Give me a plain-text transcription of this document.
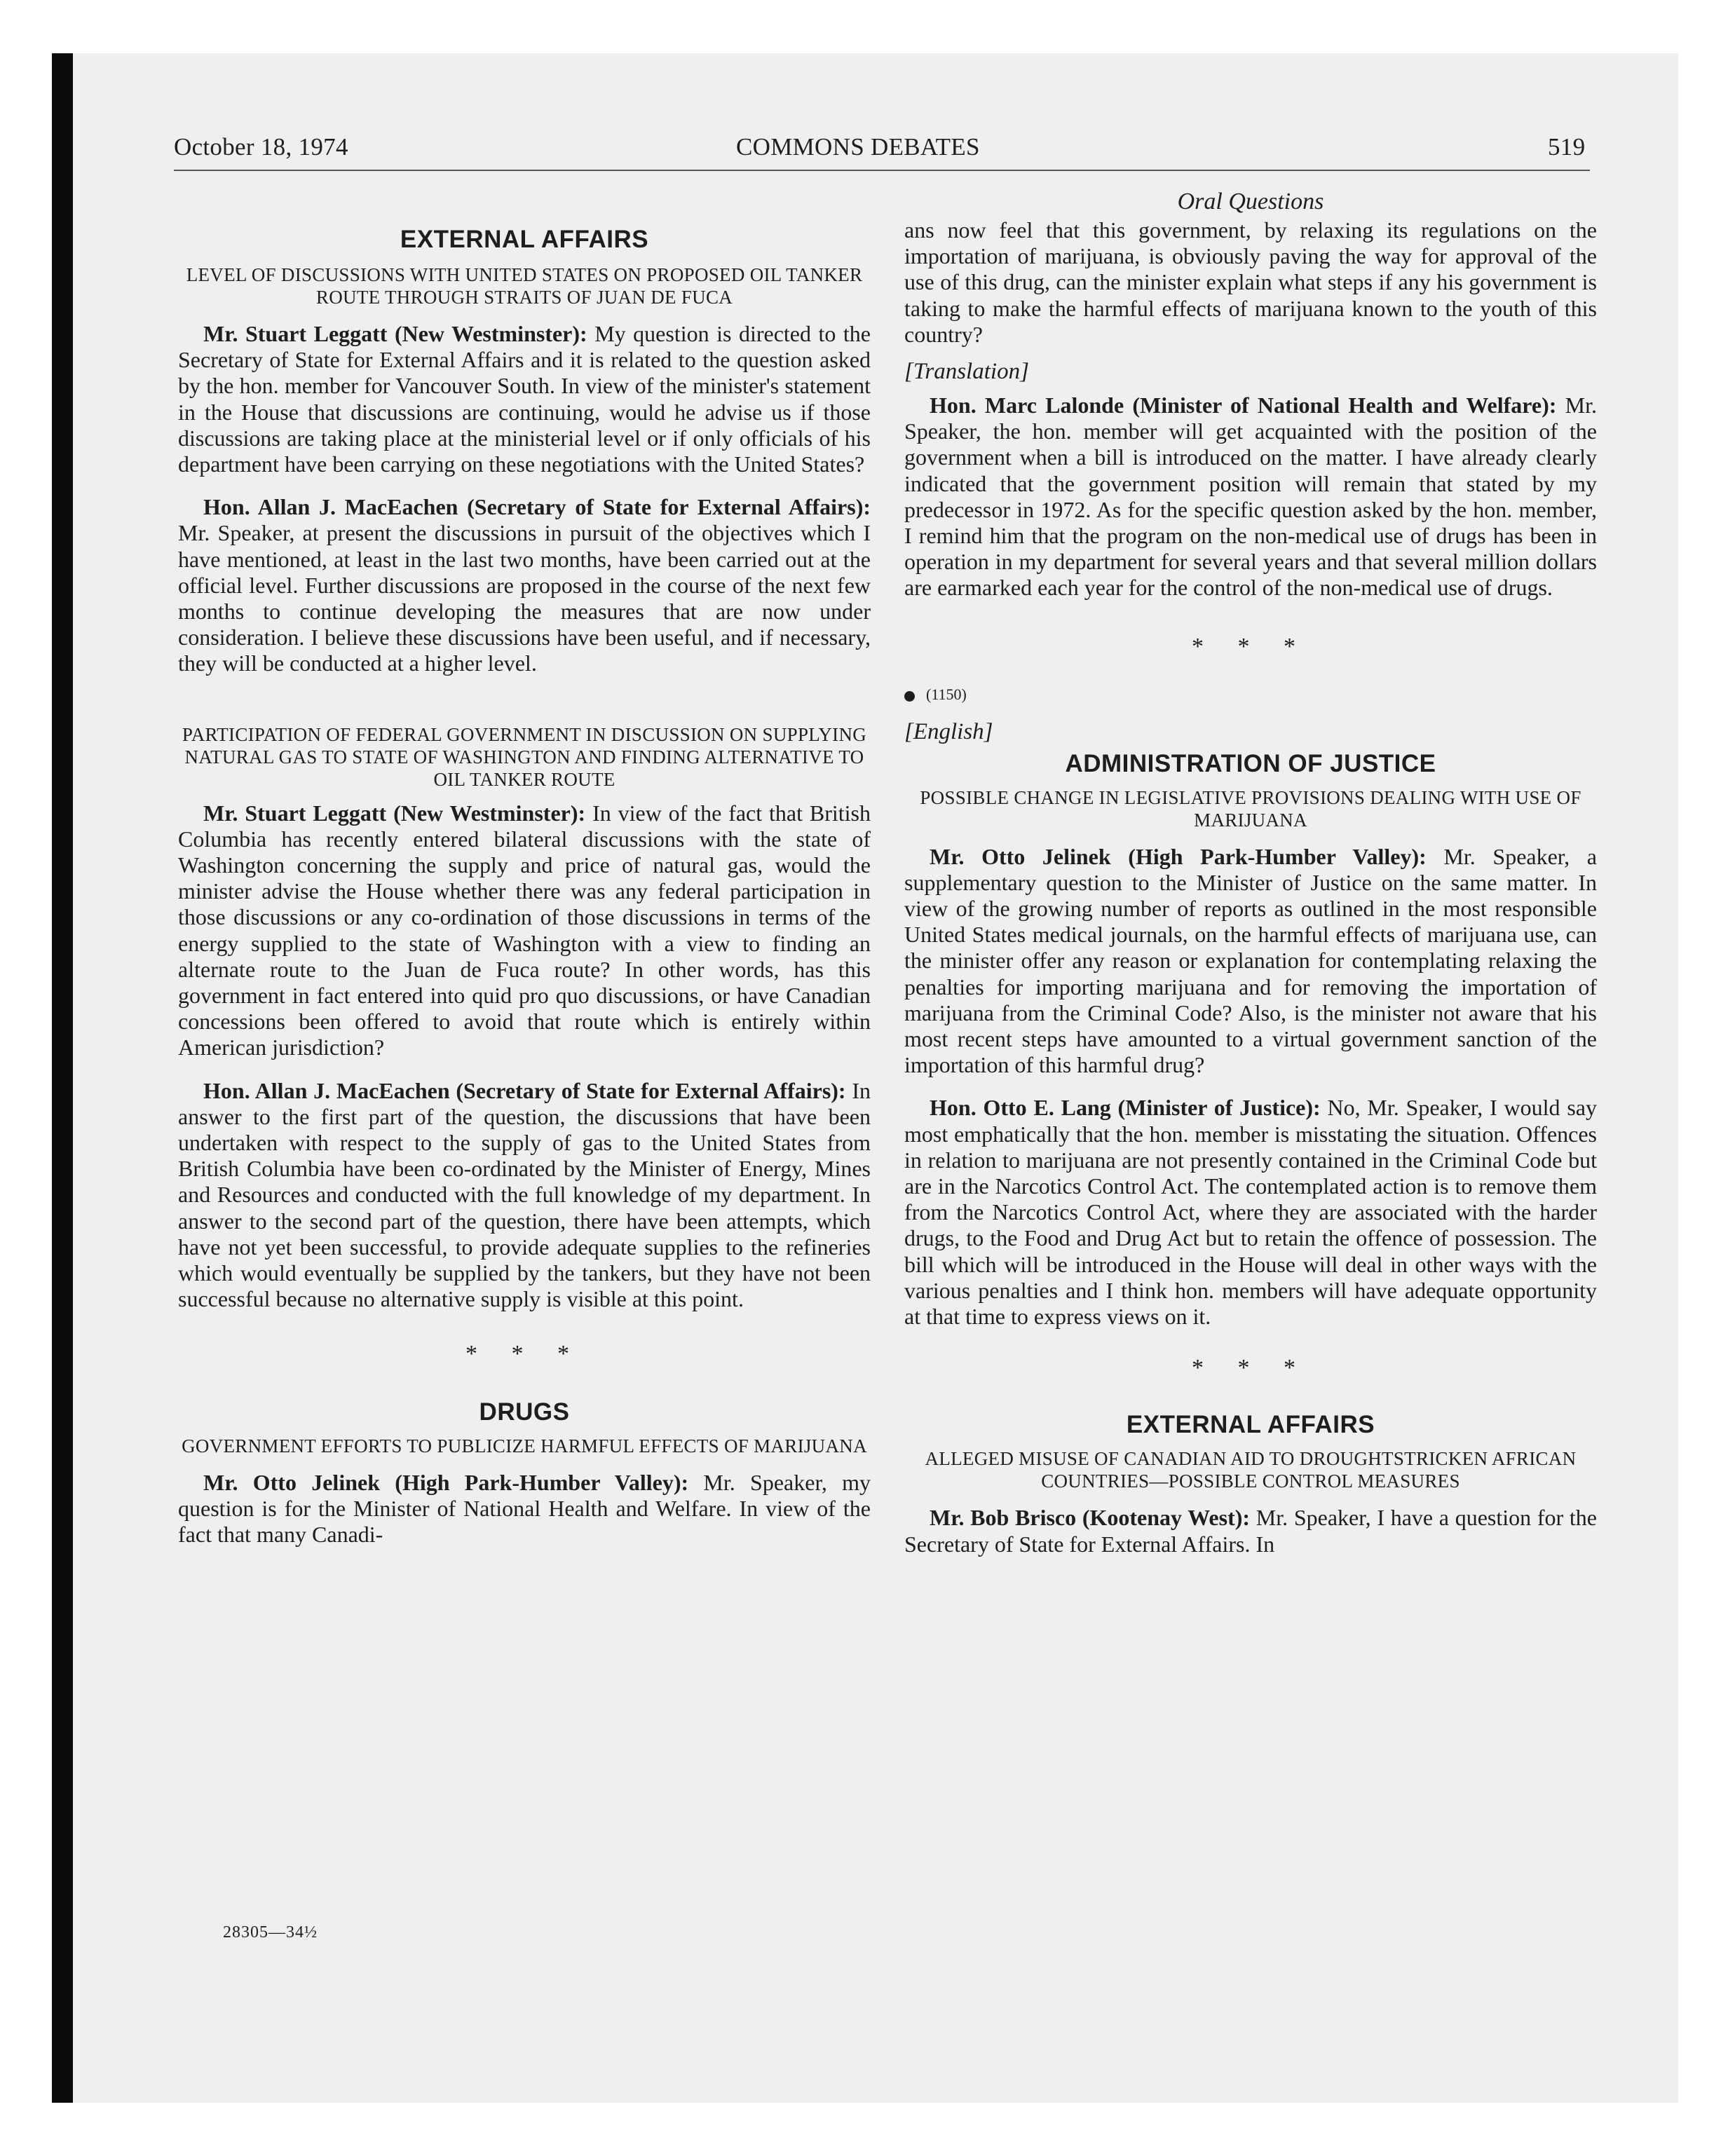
October 18, 1974	COMMONS DEBATES	519
EXTERNAL AFFAIRS
LEVEL OF DISCUSSIONS WITH UNITED STATES ON PROPOSED OIL TANKER ROUTE THROUGH STRAITS OF JUAN DE FUCA

Mr. Stuart Leggatt (New Westminster): My question is directed to the Secretary of State for External Affairs and it is related to the question asked by the hon. member for Vancouver South. In view of the minister's statement in the House that discussions are continuing, would he advise us if those discussions are taking place at the ministerial level or if only officials of his department have been carrying on these negotiations with the United States?

Hon. Allan J. MacEachen (Secretary of State for External Affairs): Mr. Speaker, at present the discussions in pursuit of the objectives which I have mentioned, at least in the last two months, have been carried out at the official level. Further discussions are proposed in the course of the next few months to continue developing the measures that are now under consideration. I believe these discussions have been useful, and if necessary, they will be conducted at a higher level.

PARTICIPATION OF FEDERAL GOVERNMENT IN DISCUSSION ON SUPPLYING NATURAL GAS TO STATE OF WASHINGTON AND FINDING ALTERNATIVE TO OIL TANKER ROUTE

Mr. Stuart Leggatt (New Westminster): In view of the fact that British Columbia has recently entered bilateral discussions with the state of Washington concerning the supply and price of natural gas, would the minister advise the House whether there was any federal participation in those discussions or any co-ordination of those discussions in terms of the energy supplied to the state of Washington with a view to finding an alternate route to the Juan de Fuca route? In other words, has this government in fact entered into quid pro quo discussions, or have Canadian concessions been offered to avoid that route which is entirely within American jurisdiction?

Hon. Allan J. MacEachen (Secretary of State for External Affairs): In answer to the first part of the question, the discussions that have been undertaken with respect to the supply of gas to the United States from British Columbia have been co-ordinated by the Minister of Energy, Mines and Resources and conducted with the full knowledge of my department. In answer to the second part of the question, there have been attempts, which have not yet been successful, to provide adequate supplies to the refineries which would eventually be supplied by the tankers, but they have not been successful because no alternative supply is visible at this point.

* * *
DRUGS
GOVERNMENT EFFORTS TO PUBLICIZE HARMFUL EFFECTS OF MARIJUANA

Mr. Otto Jelinek (High Park-Humber Valley): Mr. Speaker, my question is for the Minister of National Health and Welfare. In view of the fact that many Canadi-

28305—34½
Oral Questions

ans now feel that this government, by relaxing its regulations on the importation of marijuana, is obviously paving the way for approval of the use of this drug, can the minister explain what steps if any his government is taking to make the harmful effects of marijuana known to the youth of this country?

[Translation]

Hon. Marc Lalonde (Minister of National Health and Welfare): Mr. Speaker, the hon. member will get acquainted with the position of the government when a bill is introduced on the matter. I have already clearly indicated that the government position will remain that stated by my predecessor in 1972. As for the specific question asked by the hon. member, I remind him that the program on the non-medical use of drugs has been in operation in my department for several years and that several million dollars are earmarked each year for the control of the non-medical use of drugs.

* * *
(1150)
[English]
ADMINISTRATION OF JUSTICE
POSSIBLE CHANGE IN LEGISLATIVE PROVISIONS DEALING WITH USE OF MARIJUANA

Mr. Otto Jelinek (High Park-Humber Valley): Mr. Speaker, a supplementary question to the Minister of Justice on the same matter. In view of the growing number of reports as outlined in the most responsible United States medical journals, on the harmful effects of marijuana use, can the minister offer any reason or explanation for contemplating relaxing the penalties for importing marijuana and for removing the importation of marijuana from the Criminal Code? Also, is the minister not aware that his most recent steps have amounted to a virtual government sanction of the importation of this harmful drug?

Hon. Otto E. Lang (Minister of Justice): No, Mr. Speaker, I would say most emphatically that the hon. member is misstating the situation. Offences in relation to marijuana are not presently contained in the Criminal Code but are in the Narcotics Control Act. The contemplated action is to remove them from the Narcotics Control Act, where they are associated with the harder drugs, to the Food and Drug Act but to retain the offence of possession. The bill which will be introduced in the House will deal in other ways with the various penalties and I think hon. members will have adequate opportunity at that time to express views on it.

* * *
EXTERNAL AFFAIRS
ALLEGED MISUSE OF CANADIAN AID TO DROUGHTSTRICKEN AFRICAN COUNTRIES—POSSIBLE CONTROL MEASURES

Mr. Bob Brisco (Kootenay West): Mr. Speaker, I have a question for the Secretary of State for External Affairs. In
